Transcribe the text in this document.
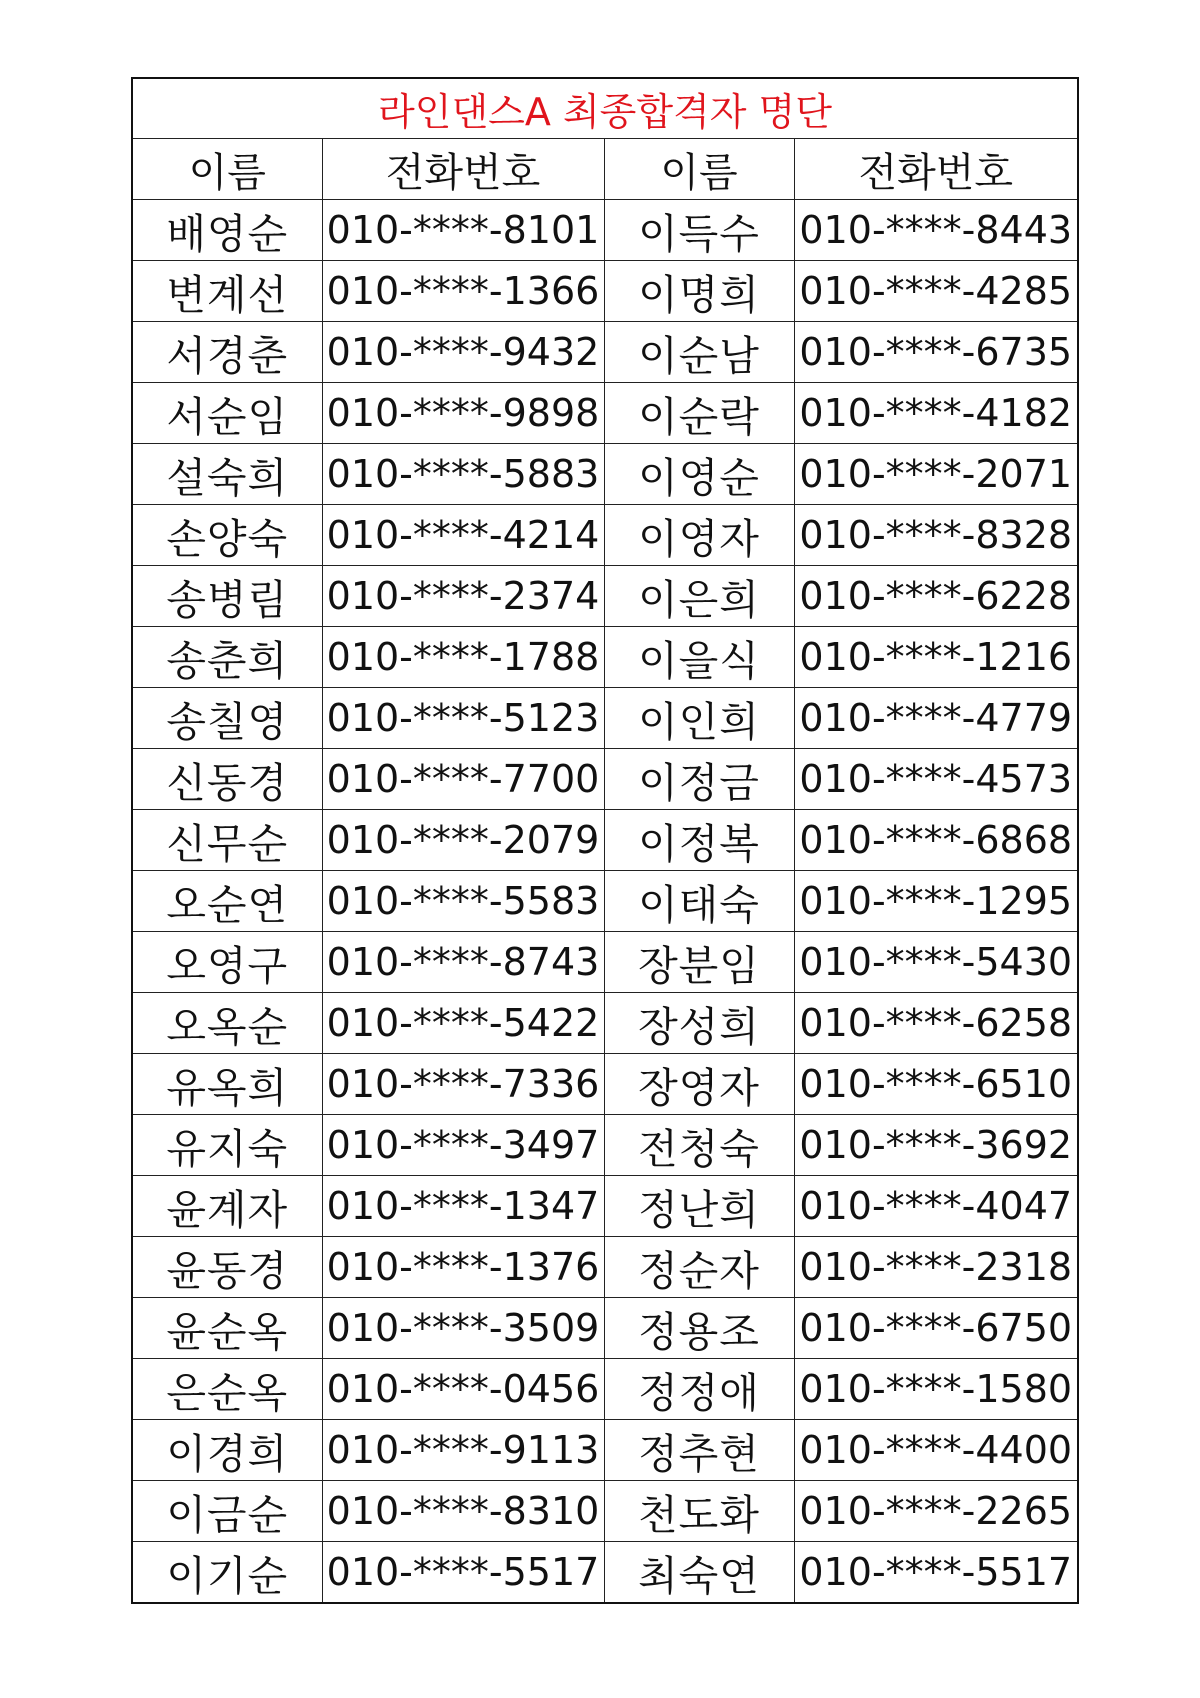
라인댄스A 최종합격자 명단			
이름	전화번호	이름	전화번호
배영순	010-****-8101	이득수	010-****-8443
변계선	010-****-1366	이명희	010-****-4285
서경춘	010-****-9432	이순남	010-****-6735
서순임	010-****-9898	이순락	010-****-4182
설숙희	010-****-5883	이영순	010-****-2071
손양숙	010-****-4214	이영자	010-****-8328
송병림	010-****-2374	이은희	010-****-6228
송춘희	010-****-1788	이을식	010-****-1216
송칠영	010-****-5123	이인희	010-****-4779
신동경	010-****-7700	이정금	010-****-4573
신무순	010-****-2079	이정복	010-****-6868
오순연	010-****-5583	이태숙	010-****-1295
오영구	010-****-8743	장분임	010-****-5430
오옥순	010-****-5422	장성희	010-****-6258
유옥희	010-****-7336	장영자	010-****-6510
유지숙	010-****-3497	전청숙	010-****-3692
윤계자	010-****-1347	정난희	010-****-4047
윤동경	010-****-1376	정순자	010-****-2318
윤순옥	010-****-3509	정용조	010-****-6750
은순옥	010-****-0456	정정애	010-****-1580
이경희	010-****-9113	정추현	010-****-4400
이금순	010-****-8310	천도화	010-****-2265
이기순	010-****-5517	최숙연	010-****-5517
